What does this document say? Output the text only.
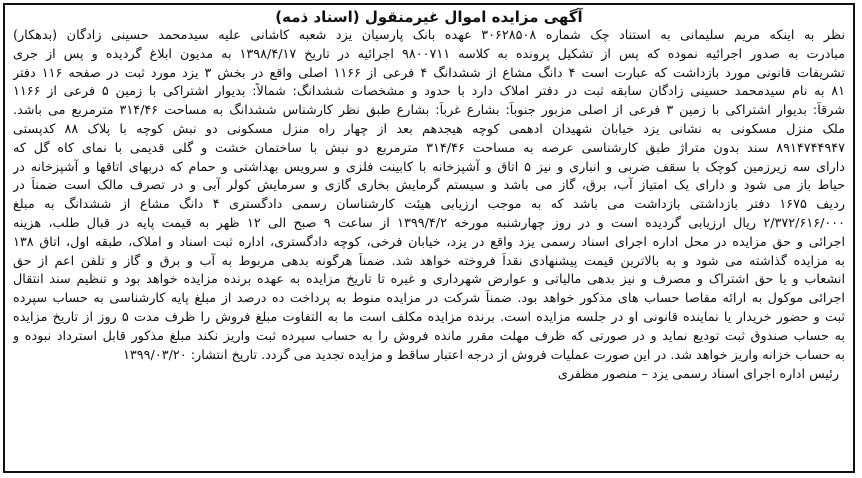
آگهی مزایده اموال غیرمنقول (اسناد ذمه)
نظر به اینکه مریم سلیمانی به استناد چک شماره ۳۰۶۲۸۵۰۸ عهده بانک پارسیان یزد شعبه کاشانی علیه سیدمحمد حسینی زادگان (بدهکار)
مبادرت به صدور اجرائیه نموده که پس از تشکیل پرونده به کلاسه ۹۸۰۰۷۱۱ اجرائیه در تاریخ ۱۳۹۸/۴/۱۷ به مدیون ابلاغ گردیده و پس از جری
تشریفات قانونی مورد بازداشت که عبارت است ۴ دانگ مشاع از ششدانگ ۴ فرعی از ۱۱۶۶ اصلی واقع در بخش ۳ یزد مورد ثبت در صفحه ۱۱۶ دفتر
۸۱ به نام سیدمحمد حسینی زادگان سابقه ثبت در دفتر املاک دارد با حدود و مشخصات ششدانگ: شمالاً: بدیوار اشتراکی با زمین ۵ فرعی از ۱۱۶۶
شرقاً: بدیوار اشتراکی با زمین ۳ فرعی از اصلی مزبور جنوباً: بشارع غرباً: بشارع طبق نظر کارشناس ششدانگ به مساحت ۳۱۴/۴۶ مترمربع می باشد.
ملک منزل مسکونی به نشانی یزد خیابان شهیدان ادهمی کوچه هیجدهم بعد از چهار راه منزل مسکونی دو نبش کوچه با پلاک ۸۸ کدپستی
۸۹۱۴۷۴۴۹۴۷ سند بدون متراژ طبق کارشناسی عرصه به مساحت ۳۱۴/۴۶ مترمربع دو نبش با ساختمان خشت و گلی قدیمی با نمای کاه گل که
دارای سه زیرزمین کوچک با سقف ضربی و انباری و نیز ۵ اتاق و آشپزخانه با کابینت فلزی و سرویس بهداشتی و حمام که دربهای اتاقها و آشپزخانه در
حیاط باز می شود و دارای یک امتیاز آب، برق، گاز می باشد و سیستم گرمایش بخاری گازی و سرمایش کولر آبی و در تصرف مالک است ضمناً در
ردیف ۱۶۷۵ دفتر بازداشتی بازداشت می باشد که به موجب ارزیابی هیئت کارشناسان رسمی دادگستری ۴ دانگ مشاع از ششدانگ به مبلغ
۲/۳۷۲/۶۱۶/۰۰۰ ریال ارزیابی گردیده است و در روز چهارشنبه مورخه ۱۳۹۹/۴/۲ از ساعت ۹ صبح الی ۱۲ ظهر به قیمت پایه در قبال طلب، هزینه
اجرائی و حق مزایده در محل اداره اجرای اسناد رسمی یزد واقع در یزد، خیابان فرخی، کوچه دادگستری، اداره ثبت اسناد و املاک، طبقه اول، اتاق ۱۳۸
به مزایده گذاشته می شود و به بالاترین قیمت پیشنهادی نقداً فروخته خواهد شد. ضمناً هرگونه بدهی مربوط به آب و برق و گاز و تلفن اعم از حق
انشعاب و یا حق اشتراک و مصرف و نیز بدهی مالیاتی و عوارض شهرداری و غیره تا تاریخ مزایده به عهده برنده مزایده خواهد بود و تنظیم سند انتقال
اجرائی موکول به ارائه مفاصا حساب های مذکور خواهد بود. ضمناً شرکت در مزایده منوط به پرداخت ده درصد از مبلغ پایه کارشناسی به حساب سپرده
ثبت و حضور خریدار یا نماینده قانونی او در جلسه مزایده است. برنده مزایده مکلف است ما به التفاوت مبلغ فروش را ظرف مدت ۵ روز از تاریخ مزایده
به حساب صندوق ثبت تودیع نماید و در صورتی که ظرف مهلت مقرر مانده فروش را به حساب سپرده ثبت واریز نکند مبلغ مذکور قابل استرداد نبوده و
به حساب خزانه واریز خواهد شد. در این صورت عملیات فروش از درجه اعتبار ساقط و مزایده تجدید می گردد. تاریخ انتشار: ۱۳۹۹/۰۳/۲۰
رئیس اداره اجرای اسناد رسمی یزد – منصور مظفری
